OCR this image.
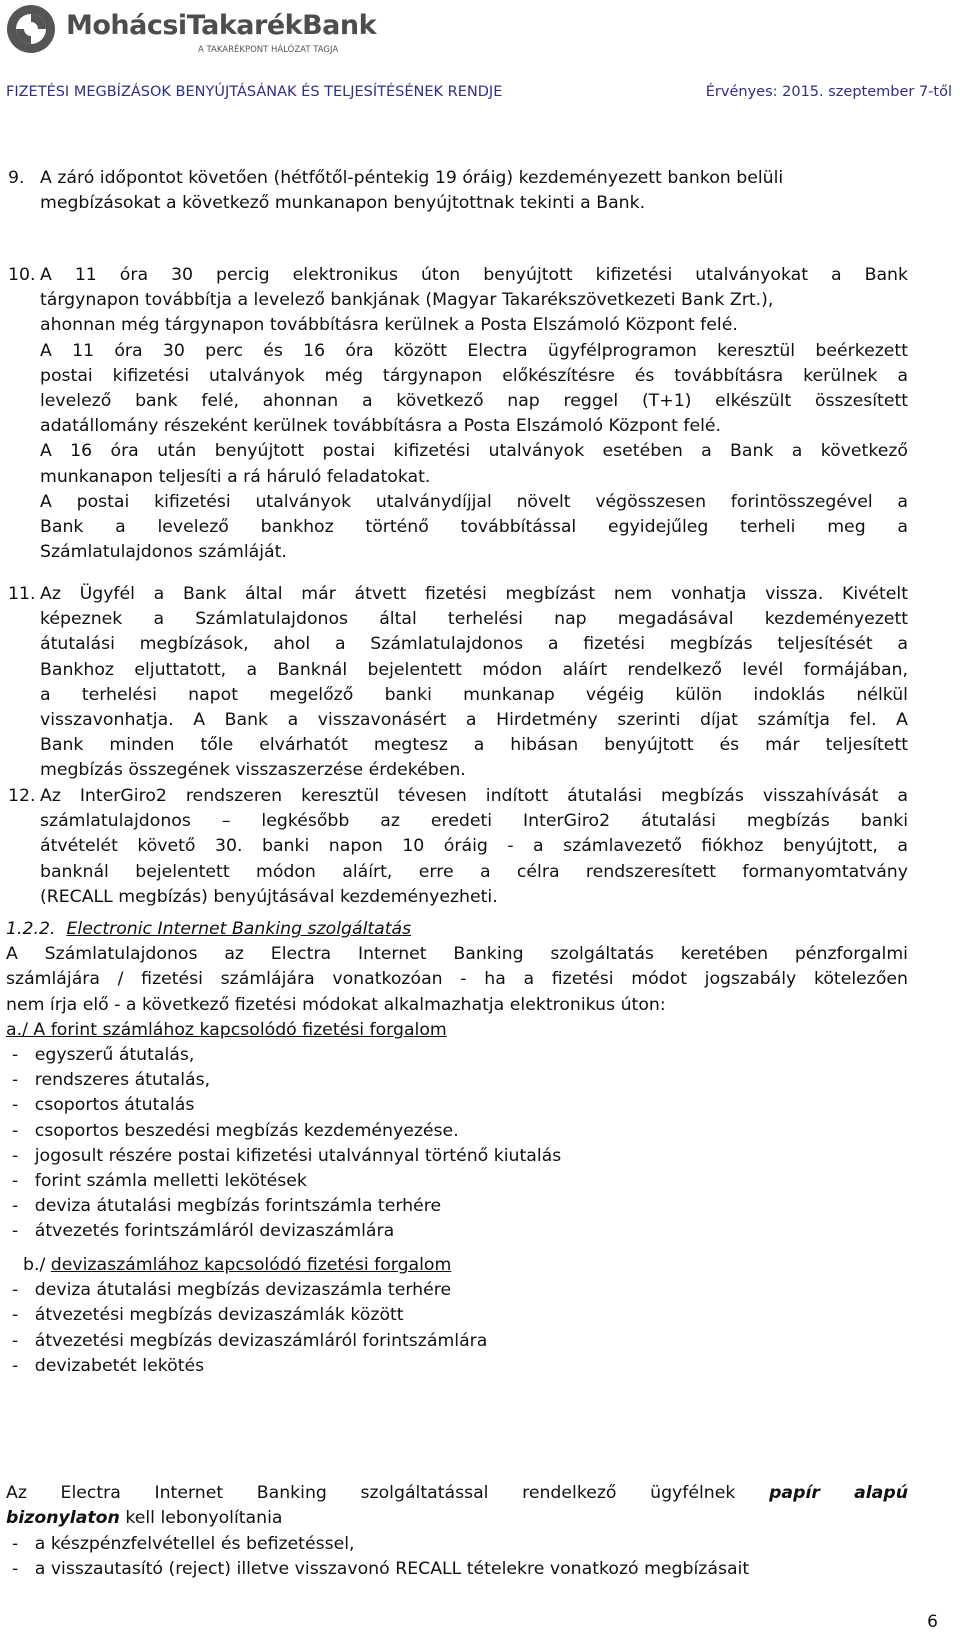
MohácsiTakarékBank
A TAKARÉKPONT HÁLÓZAT TAGJA
FIZETÉSI MEGBÍZÁSOK BENYÚJTÁSÁNAK ÉS TELJESÍTÉSÉNEK RENDJE	Érvényes: 2015. szeptember 7-től
9. A záró időpontot követően (hétfőtől-péntekig 19 óráig) kezdeményezett bankon belüli
megbízásokat a következő munkanapon benyújtottnak tekinti a Bank.
10. A 11 óra 30 percig elektronikus úton benyújtott kifizetési utalványokat a Bank
tárgynapon továbbítja a levelező bankjának (Magyar Takarékszövetkezeti Bank Zrt.),
ahonnan még tárgynapon továbbításra kerülnek a Posta Elszámoló Központ felé.
A 11 óra 30 perc és 16 óra között Electra ügyfélprogramon keresztül beérkezett
postai kifizetési utalványok még tárgynapon előkészítésre és továbbításra kerülnek a
levelező bank felé, ahonnan a következő nap reggel (T+1) elkészült összesített
adatállomány részeként kerülnek továbbításra a Posta Elszámoló Központ felé.
A 16 óra után benyújtott postai kifizetési utalványok esetében a Bank a következő
munkanapon teljesíti a rá háruló feladatokat.
A postai kifizetési utalványok utalványdíjjal növelt végösszesen forintösszegével a
Bank a levelező bankhoz történő továbbítással egyidejűleg terheli meg a
Számlatulajdonos számláját.
11. Az Ügyfél a Bank által már átvett fizetési megbízást nem vonhatja vissza. Kivételt
képeznek a Számlatulajdonos által terhelési nap megadásával kezdeményezett
átutalási megbízások, ahol a Számlatulajdonos a fizetési megbízás teljesítését a
Bankhoz eljuttatott, a Banknál bejelentett módon aláírt rendelkező levél formájában,
a terhelési napot megelőző banki munkanap végéig külön indoklás nélkül
visszavonhatja. A Bank a visszavonásért a Hirdetmény szerinti díjat számítja fel. A
Bank minden tőle elvárhatót megtesz a hibásan benyújtott és már teljesített
megbízás összegének visszaszerzése érdekében.
12. Az InterGiro2 rendszeren keresztül tévesen indított átutalási megbízás visszahívását a
számlatulajdonos – legkésőbb az eredeti InterGiro2 átutalási megbízás banki
átvételét követő 30. banki napon 10 óráig - a számlavezető fiókhoz benyújtott, a
banknál bejelentett módon aláírt, erre a célra rendszeresített formanyomtatvány
(RECALL megbízás) benyújtásával kezdeményezheti.
1.2.2. Electronic Internet Banking szolgáltatás
A Számlatulajdonos az Electra Internet Banking szolgáltatás keretében pénzforgalmi
számlájára / fizetési számlájára vonatkozóan - ha a fizetési módot jogszabály kötelezően
nem írja elő - a következő fizetési módokat alkalmazhatja elektronikus úton:
a./ A forint számlához kapcsolódó fizetési forgalom
- egyszerű átutalás,
- rendszeres átutalás,
- csoportos átutalás
- csoportos beszedési megbízás kezdeményezése.
- jogosult részére postai kifizetési utalvánnyal történő kiutalás
- forint számla melletti lekötések
- deviza átutalási megbízás forintszámla terhére
- átvezetés forintszámláról devizaszámlára
b./ devizaszámlához kapcsolódó fizetési forgalom
- deviza átutalási megbízás devizaszámla terhére
- átvezetési megbízás devizaszámlák között
- átvezetési megbízás devizaszámláról forintszámlára
- devizabetét lekötés
Az Electra Internet Banking szolgáltatással rendelkező ügyfélnek papír alapú
bizonylaton kell lebonyolítania
- a készpénzfelvétellel és befizetéssel,
- a visszautasító (reject) illetve visszavonó RECALL tételekre vonatkozó megbízásait
6
